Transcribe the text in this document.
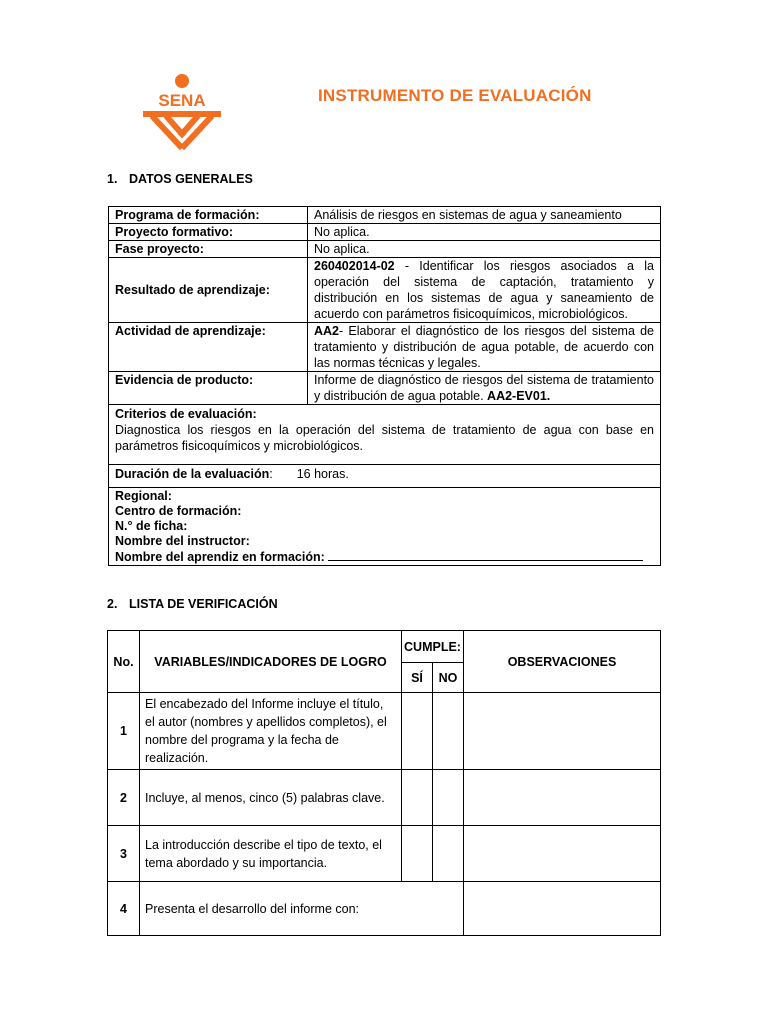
SENA	INSTRUMENTO DE EVALUACIÓN
1. DATOS GENERALES
Programa de formación:	Análisis de riesgos en sistemas de agua y saneamiento
Proyecto formativo:	No aplica.
Fase proyecto:	No aplica.
Resultado de aprendizaje:	260402014-02 - Identificar los riesgos asociados a la operación del sistema de captación, tratamiento y distribución en los sistemas de agua y saneamiento de acuerdo con parámetros fisicoquímicos, microbiológicos.
Actividad de aprendizaje:	AA2- Elaborar el diagnóstico de los riesgos del sistema de tratamiento y distribución de agua potable, de acuerdo con las normas técnicas y legales.
Evidencia de producto:	Informe de diagnóstico de riesgos del sistema de tratamiento y distribución de agua potable. AA2-EV01.

Criterios de evaluación:
Diagnostica los riesgos en la operación del sistema de tratamiento de agua con base en parámetros fisicoquímicos y microbiológicos.	

Duración de la evaluación: 16 horas.	

Regional:
Centro de formación:
N.° de ficha:
Nombre del instructor:
Nombre del aprendiz en formación:	
2. LISTA DE VERIFICACIÓN
No.	VARIABLES/INDICADORES DE LOGRO	CUMPLE:		OBSERVACIONES
		SÍ	NO	
1	El encabezado del Informe incluye el título, el autor (nombres y apellidos completos), el nombre del programa y la fecha de realización.			
2	Incluye, al menos, cinco (5) palabras clave.			
3	La introducción describe el tipo de texto, el tema abordado y su importancia.			
4	Presenta el desarrollo del informe con:			
